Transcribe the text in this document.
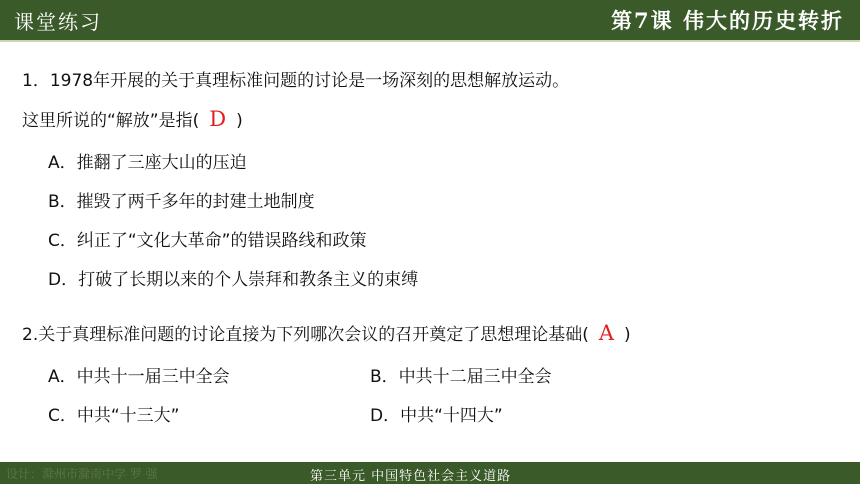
课堂练习	第7课 伟大的历史转折
1．1978年开展的关于真理标准问题的讨论是一场深刻的思想解放运动。
这里所说的“解放”是指( D )
A．推翻了三座大山的压迫
B．摧毁了两千多年的封建土地制度
C．纠正了“文化大革命”的错误路线和政策
D．打破了长期以来的个人崇拜和教条主义的束缚
2.关于真理标准问题的讨论直接为下列哪次会议的召开奠定了思想理论基础( A )
A．中共十一届三中全会	B．中共十二届三中全会
C．中共“十三大”	D．中共“十四大”
设计：滁州市滁南中学 罗 强	第三单元 中国特色社会主义道路
